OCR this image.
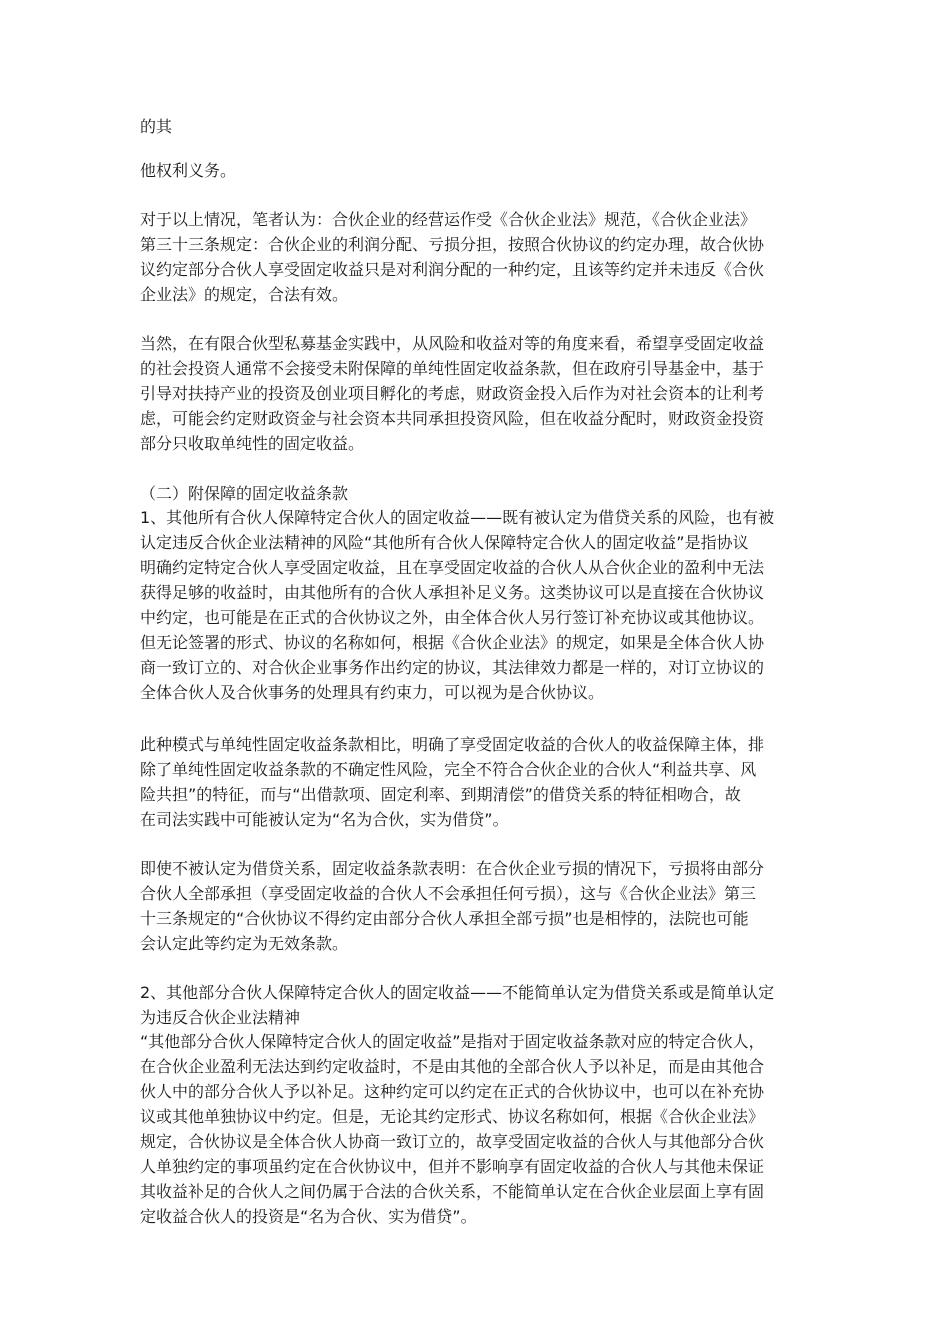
的其

他权利义务。

对于以上情况，笔者认为：合伙企业的经营运作受《合伙企业法》规范，《合伙企业法》
第三十三条规定：合伙企业的利润分配、亏损分担，按照合伙协议的约定办理，故合伙协
议约定部分合伙人享受固定收益只是对利润分配的一种约定，且该等约定并未违反《合伙
企业法》的规定，合法有效。

当然，在有限合伙型私募基金实践中，从风险和收益对等的角度来看，希望享受固定收益
的社会投资人通常不会接受未附保障的单纯性固定收益条款，但在政府引导基金中，基于
引导对扶持产业的投资及创业项目孵化的考虑，财政资金投入后作为对社会资本的让利考
虑，可能会约定财政资金与社会资本共同承担投资风险，但在收益分配时，财政资金投资
部分只收取单纯性的固定收益。

（二）附保障的固定收益条款

1、其他所有合伙人保障特定合伙人的固定收益——既有被认定为借贷关系的风险，也有被
认定违反合伙企业法精神的风险“其他所有合伙人保障特定合伙人的固定收益”是指协议
明确约定特定合伙人享受固定收益，且在享受固定收益的合伙人从合伙企业的盈利中无法
获得足够的收益时，由其他所有的合伙人承担补足义务。这类协议可以是直接在合伙协议
中约定，也可能是在正式的合伙协议之外，由全体合伙人另行签订补充协议或其他协议。
但无论签署的形式、协议的名称如何，根据《合伙企业法》的规定，如果是全体合伙人协
商一致订立的、对合伙企业事务作出约定的协议，其法律效力都是一样的，对订立协议的
全体合伙人及合伙事务的处理具有约束力，可以视为是合伙协议。

此种模式与单纯性固定收益条款相比，明确了享受固定收益的合伙人的收益保障主体，排
除了单纯性固定收益条款的不确定性风险，完全不符合合伙企业的合伙人“利益共享、风
险共担”的特征，而与“出借款项、固定利率、到期清偿”的借贷关系的特征相吻合，故
在司法实践中可能被认定为“名为合伙，实为借贷”。

即使不被认定为借贷关系，固定收益条款表明：在合伙企业亏损的情况下，亏损将由部分
合伙人全部承担（享受固定收益的合伙人不会承担任何亏损），这与《合伙企业法》第三
十三条规定的“合伙协议不得约定由部分合伙人承担全部亏损”也是相悖的，法院也可能
会认定此等约定为无效条款。

2、其他部分合伙人保障特定合伙人的固定收益——不能简单认定为借贷关系或是简单认定
为违反合伙企业法精神

“其他部分合伙人保障特定合伙人的固定收益”是指对于固定收益条款对应的特定合伙人，
在合伙企业盈利无法达到约定收益时，不是由其他的全部合伙人予以补足，而是由其他合
伙人中的部分合伙人予以补足。这种约定可以约定在正式的合伙协议中，也可以在补充协
议或其他单独协议中约定。但是，无论其约定形式、协议名称如何，根据《合伙企业法》
规定，合伙协议是全体合伙人协商一致订立的，故享受固定收益的合伙人与其他部分合伙
人单独约定的事项虽约定在合伙协议中，但并不影响享有固定收益的合伙人与其他未保证
其收益补足的合伙人之间仍属于合法的合伙关系，不能简单认定在合伙企业层面上享有固
定收益合伙人的投资是“名为合伙、实为借贷”。
